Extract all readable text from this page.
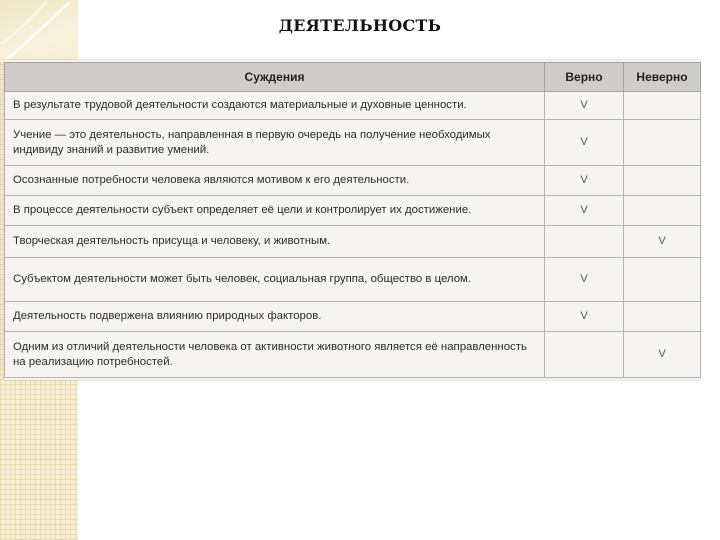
ДЕЯТЕЛЬНОСТЬ
Суждения	Верно	Неверно
В результате трудовой деятельности создаются материальные и духовные ценности.	V	
Учение — это деятельность, направленная в первую очередь на получение необходимых индивиду знаний и развитие умений.	V	
Осознанные потребности человека являются мотивом к его деятельности.	V	
В процессе деятельности субъект определяет её цели и контролирует их достижение.	V	
Творческая деятельность присуща и человеку, и животным.		V
Субъектом деятельности может быть человек, социальная группа, общество в целом.	V	
Деятельность подвержена влиянию природных факторов.	V	
Одним из отличий деятельности человека от активности животного является её направленность на реализацию потребностей.		V
